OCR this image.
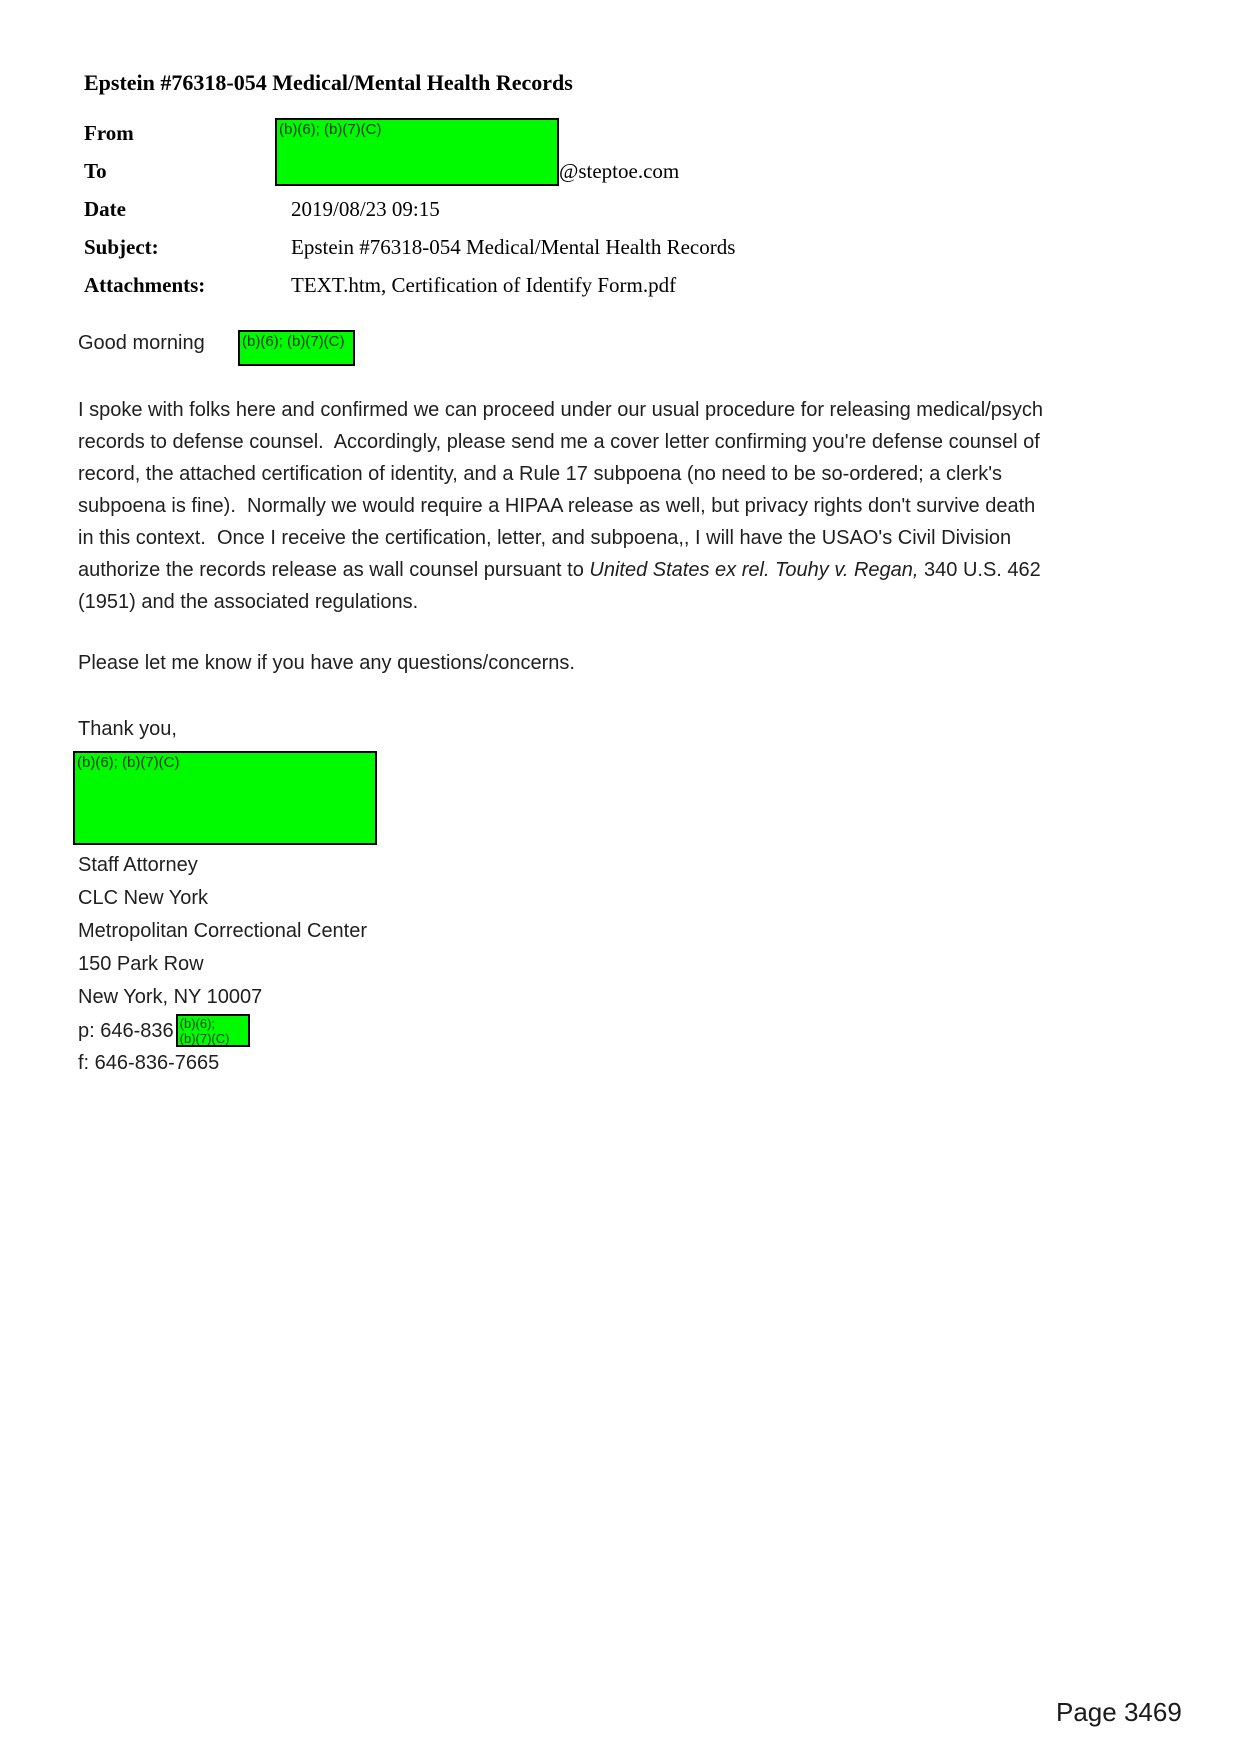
Epstein #76318-054 Medical/Mental Health Records
From
To
Date
Subject:
Attachments:
(b)(6); (b)(7)(C)
@steptoe.com
2019/08/23 09:15
Epstein #76318-054 Medical/Mental Health Records
TEXT.htm, Certification of Identify Form.pdf
Good morning (b)(6); (b)(7)(C)
I spoke with folks here and confirmed we can proceed under our usual procedure for releasing medical/psych
records to defense counsel.  Accordingly, please send me a cover letter confirming you're defense counsel of
record, the attached certification of identity, and a Rule 17 subpoena (no need to be so-ordered; a clerk's
subpoena is fine).  Normally we would require a HIPAA release as well, but privacy rights don't survive death
in this context.  Once I receive the certification, letter, and subpoena,, I will have the USAO's Civil Division
authorize the records release as wall counsel pursuant to United States ex rel. Touhy v. Regan, 340 U.S. 462
(1951) and the associated regulations.
Please let me know if you have any questions/concerns.
Thank you,
(b)(6); (b)(7)(C)
Staff Attorney
CLC New York
Metropolitan Correctional Center
150 Park Row
New York, NY 10007
p: 646-836 (b)(6);
(b)(7)(C)
f: 646-836-7665
Page 3469
